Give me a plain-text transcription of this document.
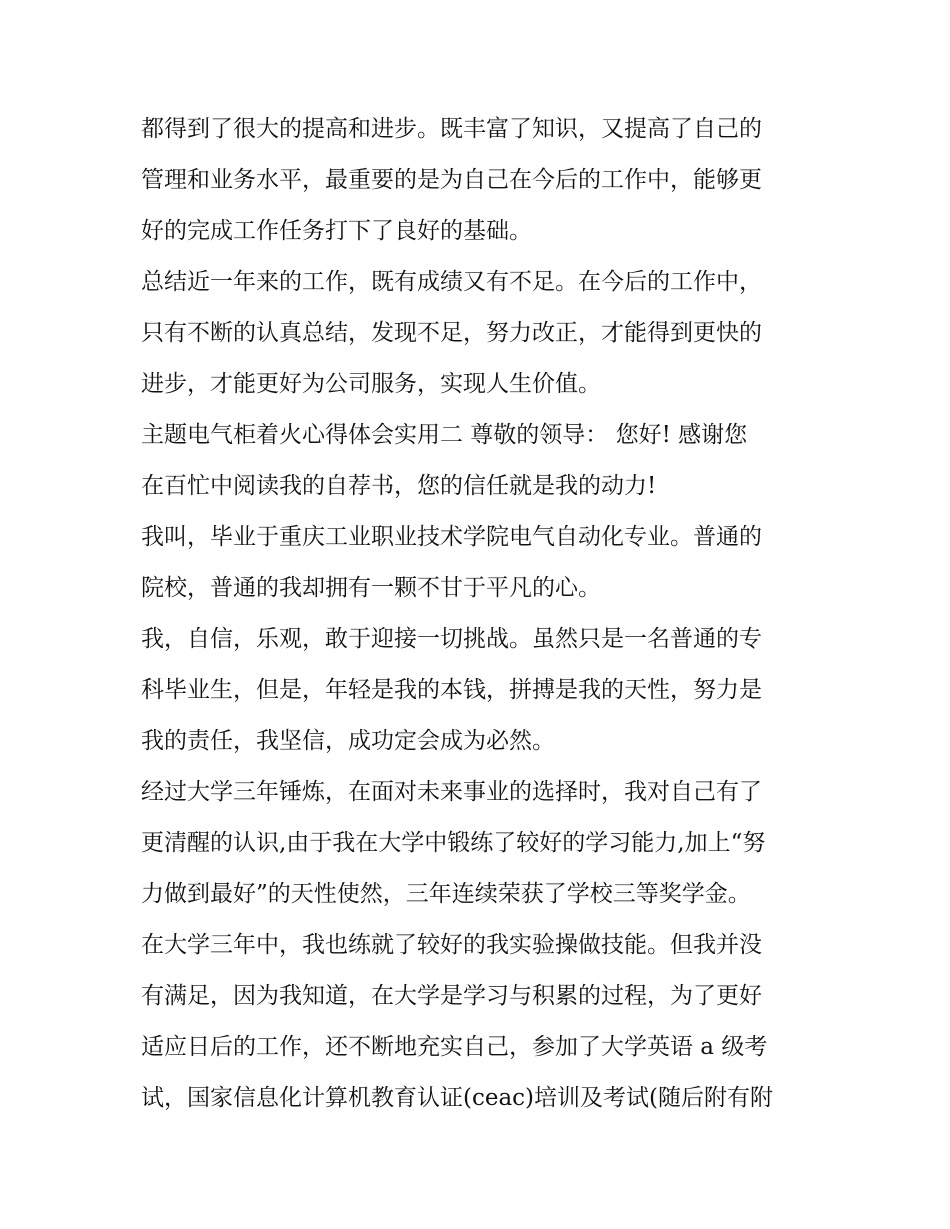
都得到了很大的提高和进步。既丰富了知识，又提高了自己的
管理和业务水平，最重要的是为自己在今后的工作中，能够更
好的完成工作任务打下了良好的基础。
总结近一年来的工作，既有成绩又有不足。在今后的工作中，
只有不断的认真总结，发现不足，努力改正，才能得到更快的
进步，才能更好为公司服务，实现人生价值。
主题电气柜着火心得体会实用二 尊敬的领导： 您好! 感谢您
在百忙中阅读我的自荐书，您的信任就是我的动力!
我叫，毕业于重庆工业职业技术学院电气自动化专业。普通的
院校，普通的我却拥有一颗不甘于平凡的心。
我，自信，乐观，敢于迎接一切挑战。虽然只是一名普通的专
科毕业生，但是，年轻是我的本钱，拼搏是我的天性，努力是
我的责任，我坚信，成功定会成为必然。
经过大学三年锤炼，在面对未来事业的选择时，我对自己有了
更清醒的认识,由于我在大学中锻练了较好的学习能力,加上“努
力做到最好”的天性使然，三年连续荣获了学校三等奖学金。
在大学三年中，我也练就了较好的我实验操做技能。但我并没
有满足，因为我知道，在大学是学习与积累的过程，为了更好
适应日后的工作，还不断地充实自己，参加了大学英语 a 级考
试，国家信息化计算机教育认证(ceac)培训及考试(随后附有附
